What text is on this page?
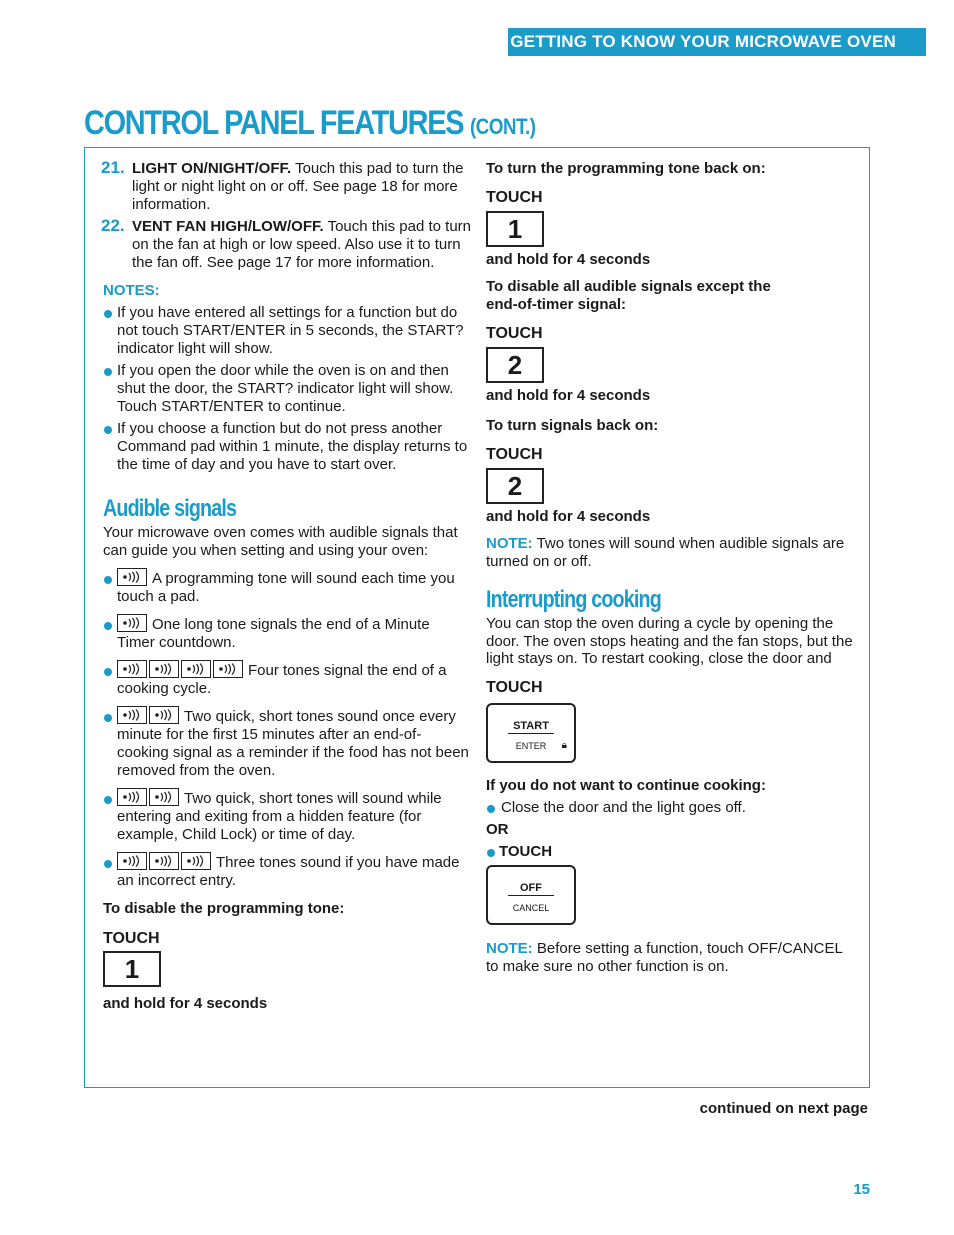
GETTING TO KNOW YOUR MICROWAVE OVEN
CONTROL PANEL FEATURES (CONT.)
21. LIGHT ON/NIGHT/OFF. Touch this pad to turn the light or night light on or off. See page 18 for more information.
22. VENT FAN HIGH/LOW/OFF. Touch this pad to turn on the fan at high or low speed. Also use it to turn the fan off. See page 17 for more information.
NOTES:
If you have entered all settings for a function but do not touch START/ENTER in 5 seconds, the START? indicator light will show.
If you open the door while the oven is on and then shut the door, the START? indicator light will show. Touch START/ENTER to continue.
If you choose a function but do not press another Command pad within 1 minute, the display returns to the time of day and you have to start over.
Audible signals
Your microwave oven comes with audible signals that can guide you when setting and using your oven:
A programming tone will sound each time you touch a pad.
One long tone signals the end of a Minute Timer countdown.
Four tones signal the end of a cooking cycle.
Two quick, short tones sound once every minute for the first 15 minutes after an end-of-cooking signal as a reminder if the food has not been removed from the oven.
Two quick, short tones will sound while entering and exiting from a hidden feature (for example, Child Lock) or time of day.
Three tones sound if you have made an incorrect entry.
To disable the programming tone:
TOUCH
1
and hold for 4 seconds
To turn the programming tone back on:
TOUCH
1
and hold for 4 seconds
To disable all audible signals except the end-of-timer signal:
TOUCH
2
and hold for 4 seconds
To turn signals back on:
TOUCH
2
and hold for 4 seconds
NOTE: Two tones will sound when audible signals are turned on or off.
Interrupting cooking
You can stop the oven during a cycle by opening the door. The oven stops heating and the fan stops, but the light stays on. To restart cooking, close the door and
TOUCH
START
ENTER	🔒︎
If you do not want to continue cooking:
Close the door and the light goes off.
OR
TOUCH
OFF
CANCEL
NOTE: Before setting a function, touch OFF/CANCEL to make sure no other function is on.
continued on next page
15
